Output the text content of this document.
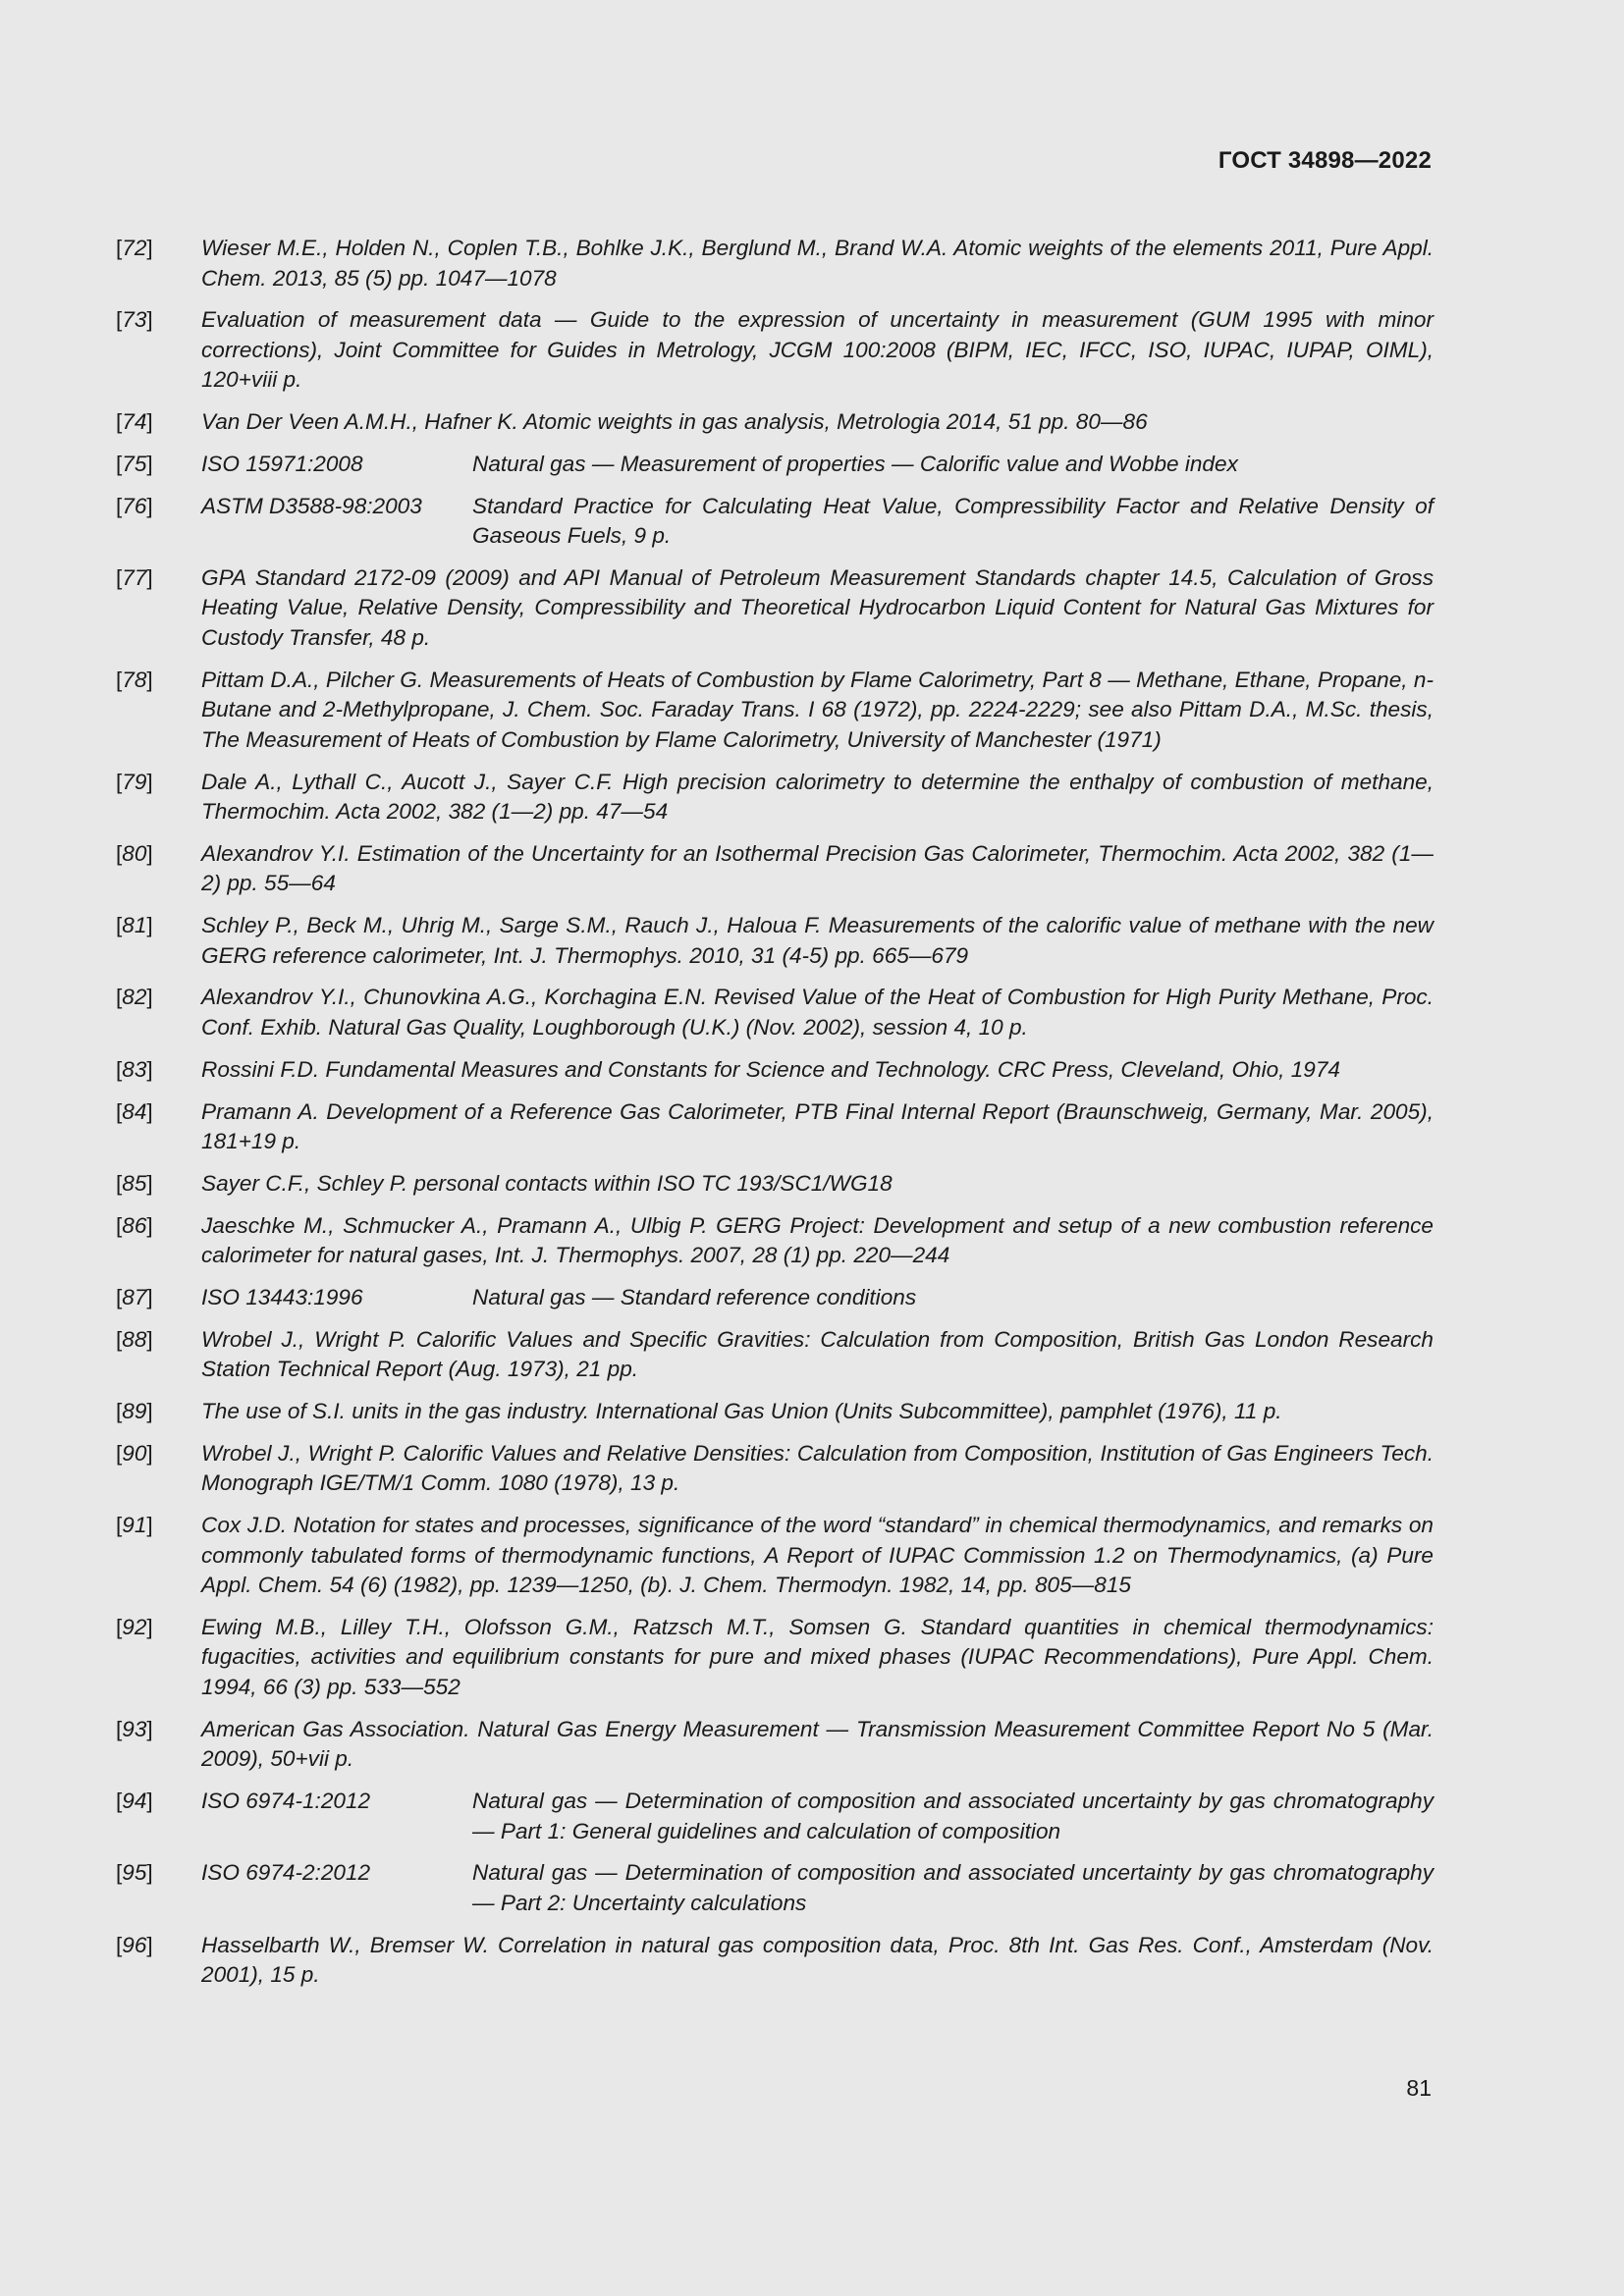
ГОСТ 34898—2022
[72]	Wieser M.E., Holden N., Coplen T.B., Bohlke J.K., Berglund M., Brand W.A. Atomic weights of the elements 2011, Pure Appl. Chem. 2013, 85 (5) pp. 1047—1078
[73]	Evaluation of measurement data — Guide to the expression of uncertainty in measurement (GUM 1995 with minor corrections), Joint Committee for Guides in Metrology, JCGM 100:2008 (BIPM, IEC, IFCC, ISO, IUPAC, IUPAP, OIML), 120+viii p.
[74]	Van Der Veen A.M.H., Hafner K. Atomic weights in gas analysis, Metrologia 2014, 51 pp. 80—86
[75]	ISO 15971:2008	Natural gas — Measurement of properties — Calorific value and Wobbe index
[76]	ASTM D3588-98:2003	Standard Practice for Calculating Heat Value, Compressibility Factor and Relative Density of Gaseous Fuels, 9 p.
[77]	GPA Standard 2172-09 (2009) and API Manual of Petroleum Measurement Standards chapter 14.5, Calculation of Gross Heating Value, Relative Density, Compressibility and Theoretical Hydrocarbon Liquid Content for Natural Gas Mixtures for Custody Transfer, 48 p.
[78]	Pittam D.A., Pilcher G. Measurements of Heats of Combustion by Flame Calorimetry, Part 8 — Methane, Ethane, Propane, n-Butane and 2-Methylpropane, J. Chem. Soc. Faraday Trans. I 68 (1972), pp. 2224-2229; see also Pittam D.A., M.Sc. thesis, The Measurement of Heats of Combustion by Flame Calorimetry, University of Manchester (1971)
[79]	Dale A., Lythall C., Aucott J., Sayer C.F. High precision calorimetry to determine the enthalpy of combustion of methane, Thermochim. Acta 2002, 382 (1—2) pp. 47—54
[80]	Alexandrov Y.I. Estimation of the Uncertainty for an Isothermal Precision Gas Calorimeter, Thermochim. Acta 2002, 382 (1—2) pp. 55—64
[81]	Schley P., Beck M., Uhrig M., Sarge S.M., Rauch J., Haloua F. Measurements of the calorific value of methane with the new GERG reference calorimeter, Int. J. Thermophys. 2010, 31 (4-5) pp. 665—679
[82]	Alexandrov Y.I., Chunovkina A.G., Korchagina E.N. Revised Value of the Heat of Combustion for High Purity Methane, Proc. Conf. Exhib. Natural Gas Quality, Loughborough (U.K.) (Nov. 2002), session 4, 10 p.
[83]	Rossini F.D. Fundamental Measures and Constants for Science and Technology. CRC Press, Cleveland, Ohio, 1974
[84]	Pramann A. Development of a Reference Gas Calorimeter, PTB Final Internal Report (Braunschweig, Germany, Mar. 2005), 181+19 p.
[85]	Sayer C.F., Schley P. personal contacts within ISO TC 193/SC1/WG18
[86]	Jaeschke M., Schmucker A., Pramann A., Ulbig P. GERG Project: Development and setup of a new combustion reference calorimeter for natural gases, Int. J. Thermophys. 2007, 28 (1) pp. 220—244
[87]	ISO 13443:1996	Natural gas — Standard reference conditions
[88]	Wrobel J., Wright P. Calorific Values and Specific Gravities: Calculation from Composition, British Gas London Research Station Technical Report (Aug. 1973), 21 pp.
[89]	The use of S.I. units in the gas industry. International Gas Union (Units Subcommittee), pamphlet (1976), 11 p.
[90]	Wrobel J., Wright P. Calorific Values and Relative Densities: Calculation from Composition, Institution of Gas Engineers Tech. Monograph IGE/TM/1 Comm. 1080 (1978), 13 p.
[91]	Cox J.D. Notation for states and processes, significance of the word “standard” in chemical thermodynamics, and remarks on commonly tabulated forms of thermodynamic functions, A Report of IUPAC Commission 1.2 on Thermodynamics, (a) Pure Appl. Chem. 54 (6) (1982), pp. 1239—1250, (b). J. Chem. Thermodyn. 1982, 14, pp. 805—815
[92]	Ewing M.B., Lilley T.H., Olofsson G.M., Ratzsch M.T., Somsen G. Standard quantities in chemical thermodynamics: fugacities, activities and equilibrium constants for pure and mixed phases (IUPAC Recommendations), Pure Appl. Chem. 1994, 66 (3) pp. 533—552
[93]	American Gas Association. Natural Gas Energy Measurement — Transmission Measurement Committee Report No 5 (Mar. 2009), 50+vii p.
[94]	ISO 6974-1:2012	Natural gas — Determination of composition and associated uncertainty by gas chromatography — Part 1: General guidelines and calculation of composition
[95]	ISO 6974-2:2012	Natural gas — Determination of composition and associated uncertainty by gas chromatography — Part 2: Uncertainty calculations
[96]	Hasselbarth W., Bremser W. Correlation in natural gas composition data, Proc. 8th Int. Gas Res. Conf., Amsterdam (Nov. 2001), 15 p.
81
